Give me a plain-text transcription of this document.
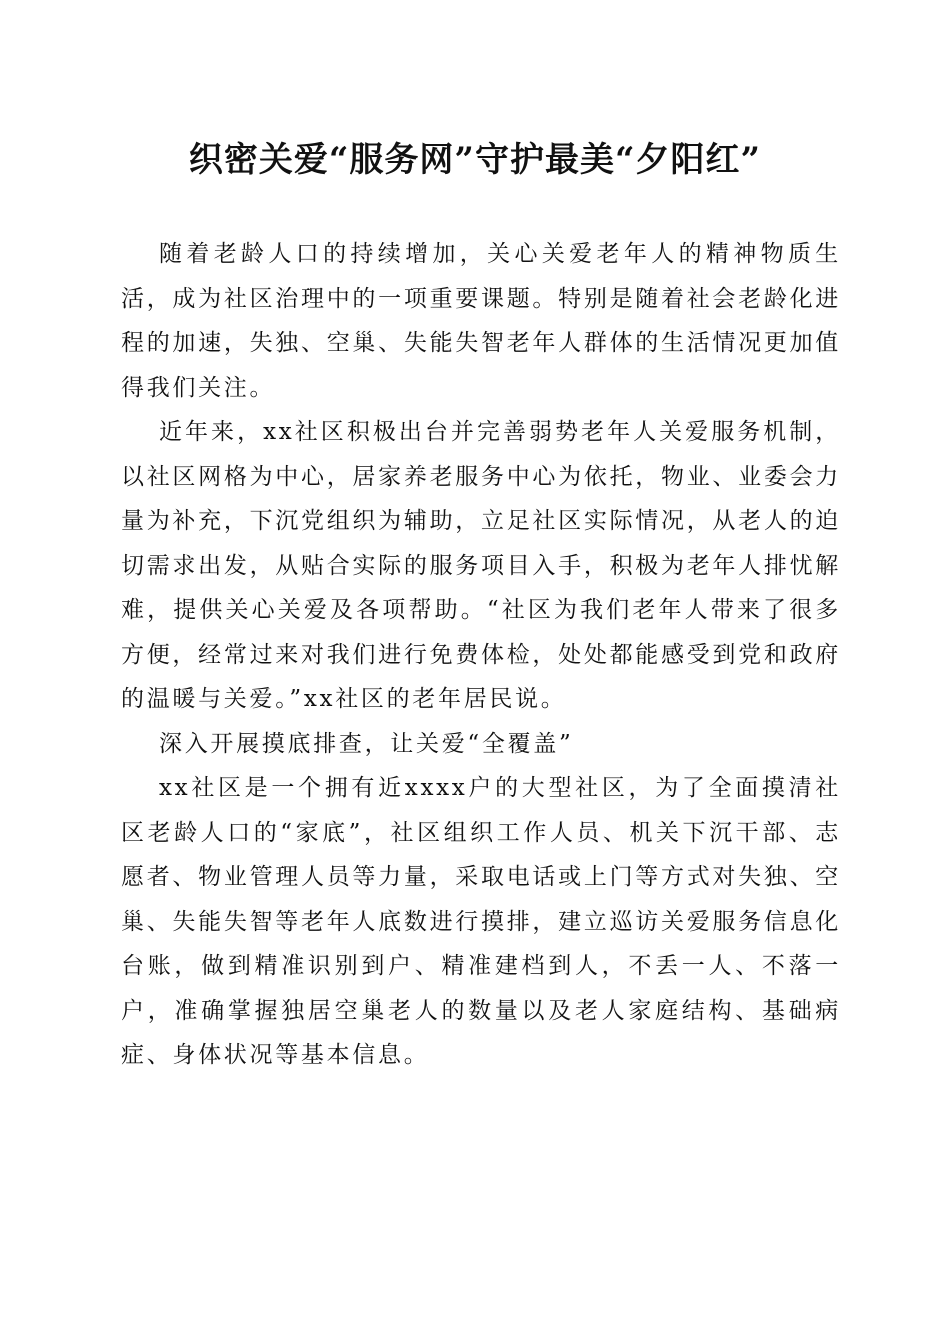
织密关爱“服务网”守护最美“夕阳红”

随着老龄人口的持续增加，关心关爱老年人的精神物质生活，成为社区治理中的一项重要课题。特别是随着社会老龄化进程的加速，失独、空巢、失能失智老年人群体的生活情况更加值得我们关注。

近年来，xx社区积极出台并完善弱势老年人关爱服务机制，以社区网格为中心，居家养老服务中心为依托，物业、业委会力量为补充，下沉党组织为辅助，立足社区实际情况，从老人的迫切需求出发，从贴合实际的服务项目入手，积极为老年人排忧解难，提供关心关爱及各项帮助。“社区为我们老年人带来了很多方便，经常过来对我们进行免费体检，处处都能感受到党和政府的温暖与关爱。”xx社区的老年居民说。

深入开展摸底排查，让关爱“全覆盖”

xx社区是一个拥有近xxxx户的大型社区，为了全面摸清社区老龄人口的“家底”，社区组织工作人员、机关下沉干部、志愿者、物业管理人员等力量，采取电话或上门等方式对失独、空巢、失能失智等老年人底数进行摸排，建立巡访关爱服务信息化台账，做到精准识别到户、精准建档到人，不丢一人、不落一户，准确掌握独居空巢老人的数量以及老人家庭结构、基础病症、身体状况等基本信息。
